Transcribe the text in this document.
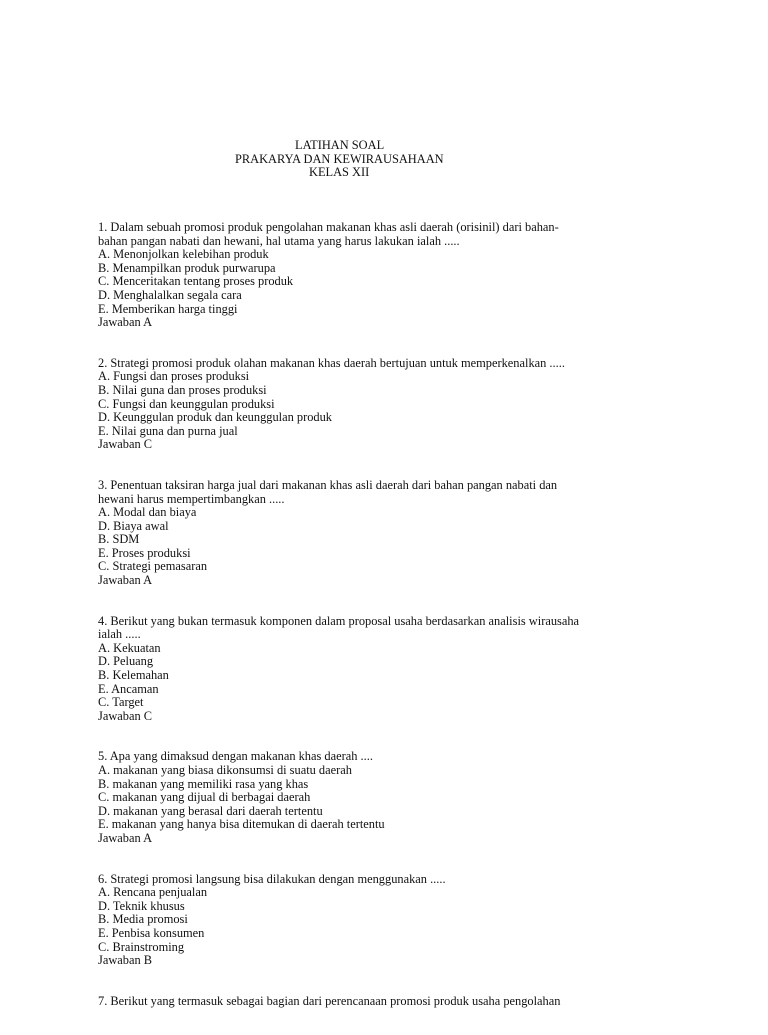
LATIHAN SOAL
PRAKARYA DAN KEWIRAUSAHAAN
KELAS XII
1. Dalam sebuah promosi produk pengolahan makanan khas asli daerah (orisinil) dari bahan-
bahan pangan nabati dan hewani, hal utama yang harus lakukan ialah .....
A. Menonjolkan kelebihan produk
B. Menampilkan produk purwarupa
C. Menceritakan tentang proses produk
D. Menghalalkan segala cara
E. Memberikan harga tinggi
Jawaban A
2. Strategi promosi produk olahan makanan khas daerah bertujuan untuk memperkenalkan .....
A. Fungsi dan proses produksi
B. Nilai guna dan proses produksi
C. Fungsi dan keunggulan produksi
D. Keunggulan produk dan keunggulan produk
E. Nilai guna dan purna jual
Jawaban C
3. Penentuan taksiran harga jual dari makanan khas asli daerah dari bahan pangan nabati dan
hewani harus mempertimbangkan .....
A. Modal dan biaya
D. Biaya awal
B. SDM
E. Proses produksi
C. Strategi pemasaran
Jawaban A
4. Berikut yang bukan termasuk komponen dalam proposal usaha berdasarkan analisis wirausaha
ialah .....
A. Kekuatan
D. Peluang
B. Kelemahan
E. Ancaman
C. Target
Jawaban C
5. Apa yang dimaksud dengan makanan khas daerah ....
A. makanan yang biasa dikonsumsi di suatu daerah
B. makanan yang memiliki rasa yang khas
C. makanan yang dijual di berbagai daerah
D. makanan yang berasal dari daerah tertentu
E. makanan yang hanya bisa ditemukan di daerah tertentu
Jawaban A
6. Strategi promosi langsung bisa dilakukan dengan menggunakan .....
A. Rencana penjualan
D. Teknik khusus
B. Media promosi
E. Penbisa konsumen
C. Brainstroming
Jawaban B
7. Berikut yang termasuk sebagai bagian dari perencanaan promosi produk usaha pengolahan
